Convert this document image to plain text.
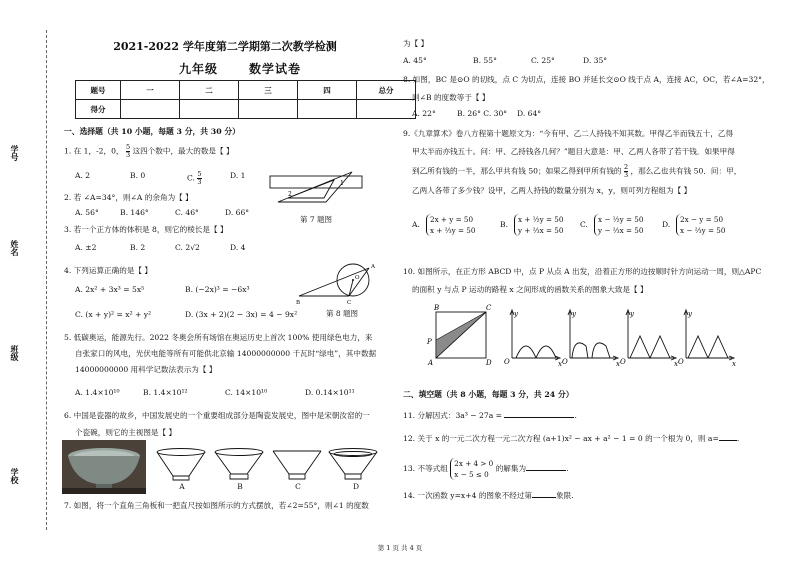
学号
姓名
班级
学校
2021-2022 学年度第二学期第二次教学检测
九年级      数学试卷
题号	一	二	三	四	总分
得分					
一、选择题（共 10 小题，每题 3 分，共 30 分）
1. 在 1，-2，0， $\frac{5}{3}$ 这四个数中，最大的数是【 】
A. 2	B. 0	C. $\frac{5}{3}$	D. 1
2. 若 ∠A=34°，则∠A 的余角为【 】
A. 56°	B. 146°	C. 46°	D. 66°
3. 若一个正方体的体积是 8，则它的棱长是【 】
A. ±2	B. 2	C. 2√2	D. 4
4. 下列运算正确的是【 】
A. 2x² + 3x³ = 5x⁵	B. (−2x)³ = −6x³
C. (x + y)² = x² + y²	D. (3x + 2)(2 − 3x) = 4 − 9x²
5. 低碳奥运，能源先行。2022 冬奥会所有场馆在奥运历史上首次 100% 使用绿色电力，来
自张家口的风电，光伏电能等所有可能供北京输 14000000000 千瓦时“绿电”，其中数据
14000000000 用科学记数法表示为【 】
A. 1.4×10¹⁰	B. 1.4×10¹²	C. 14×10¹⁰	D. 0.14×10¹¹
6. 中国是瓷器的故乡，中国发展史的一个重要组成部分是陶瓷发展史，图中是宋朝汝窑的一
个瓷碗，则它的主视图是【 】
A	B	C	D
7. 如图，将一个直角三角板和一把直尺按如图所示的方式摆放，若∠2=55°，则∠1 的度数
2
1
第 7 题图
B
A
C
O
第 8 题图
为【 】
A. 45°	B. 55°	C. 25°	D. 35°
8. 如图，BC 是⊙O 的切线，点 C 为切点，连接 BO 并延长交⊙O 线于点 A，连接 AC，OC，若∠A=32°，
则∠B 的度数等于【 】
A. 22°	B. 26° C. 30° D. 64°
9.《九章算术》卷八方程第十题原文为：“今有甲、乙二人持钱不知其数。甲得乙半而钱五十，乙得
甲太半而亦钱五十。问：甲、乙持钱各几何？”题目大意是：甲、乙两人各带了若干钱．如果甲得
到乙所有钱的一半，那么甲共有钱 50；如果乙得到甲所有钱的 $\frac{2}{3}$ ，那么乙也共有钱 50．问：甲，
乙两人各带了多少钱？设甲，乙两人持钱的数量分别为 x，y，则可列方程组为【 】
A.
2x + y = 50
x + ⅔y = 50
B.
x + ½y = 50
y + ⅔x = 50
C.
x − ½y = 50
y − ⅔x = 50
D.
2x − y = 50
x − ⅔y = 50
10. 如图所示，在正方形 ABCD 中，点 P 从点 A 出发，沿着正方形的边按顺时针方向运动一周，则△APC
的面积 y 与点 P 运动的路程 x 之间形成的函数关系的图象大致是【 】
B	C
A	D
P
y
O	x
y
O	x
y
O	x
y
O	x
二、填空题（共 8 小题，每题 3 分，共 24 分）
11. 分解因式：3a³ − 27a =	.
12. 关于 x 的一元二次方程一元二次方程 (a+1)x² − ax + a² − 1 = 0 的一个根为 0，则 a= .
13. 不等式组 2x + 4 > 0
x − 5 ≤ 0 的解集为	.
14. 一次函数 y=x+4 的图象不经过第	象限.
第 1 页 共 4 页
